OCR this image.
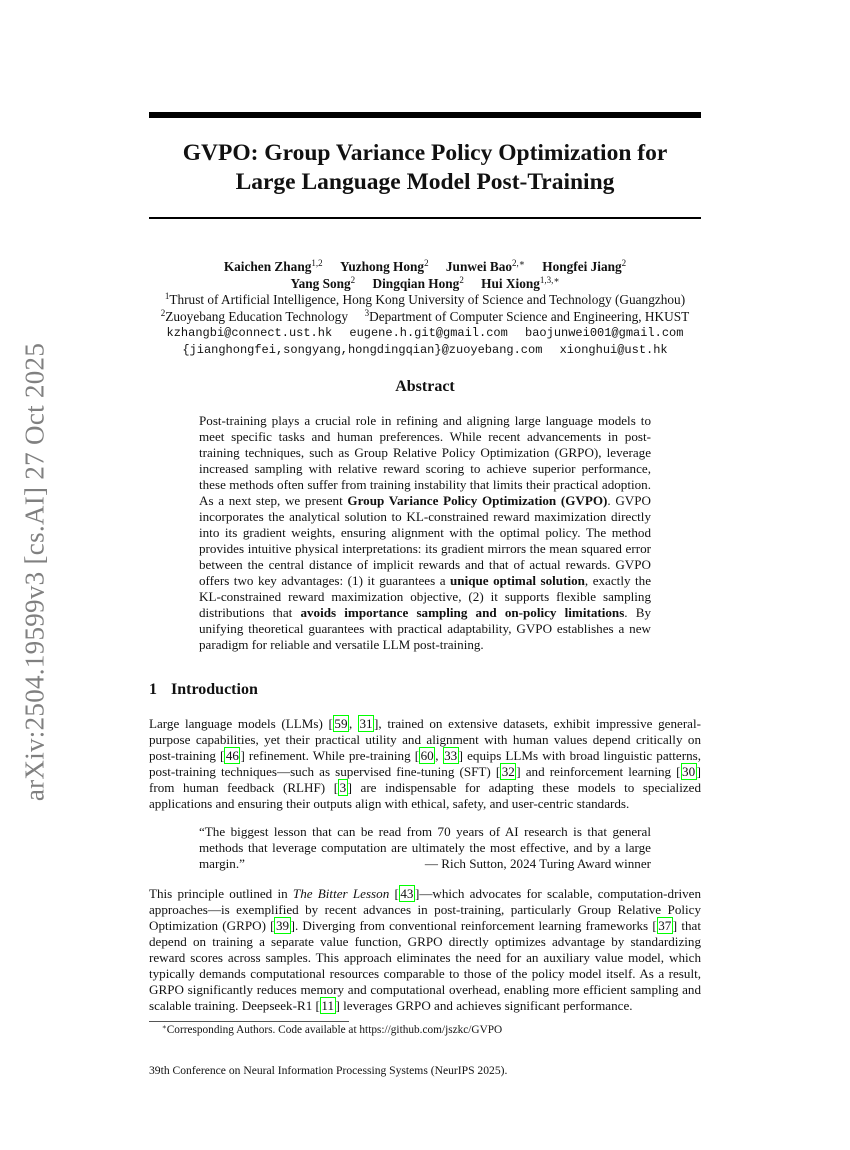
arXiv:2504.19599v3 [cs.AI] 27 Oct 2025
GVPO: Group Variance Policy Optimization for
Large Language Model Post-Training
Kaichen Zhang$^{1,2}$ Yuzhong Hong$^2$ Junwei Bao$^{2,∗}$ Hongfei Jiang$^2$
Yang Song$^2$ Dingqian Hong$^2$ Hui Xiong$^{1,3,∗}$
$^1$Thrust of Artificial Intelligence, Hong Kong University of Science and Technology (Guangzhou)
$^2$Zuoyebang Education Technology $^3$Department of Computer Science and Engineering, HKUST
kzhangbi@connect.ust.hk eugene.h.git@gmail.com baojunwei001@gmail.com
{jianghongfei,songyang,hongdingqian}@zuoyebang.com xionghui@ust.hk
Abstract
Post-training plays a crucial role in refining and aligning large language models to meet specific tasks and human preferences. While recent advancements in post-training techniques, such as Group Relative Policy Optimization (GRPO), leverage increased sampling with relative reward scoring to achieve superior performance, these methods often suffer from training instability that limits their practical adoption. As a next step, we present Group Variance Policy Optimization (GVPO). GVPO incorporates the analytical solution to KL-constrained reward maximization directly into its gradient weights, ensuring alignment with the optimal policy. The method provides intuitive physical interpretations: its gradient mirrors the mean squared error between the central distance of implicit rewards and that of actual rewards. GVPO offers two key advantages: (1) it guarantees a unique optimal solution, exactly the KL-constrained reward maximization objective, (2) it supports flexible sampling distributions that avoids importance sampling and on-policy limitations. By unifying theoretical guarantees with practical adaptability, GVPO establishes a new paradigm for reliable and versatile LLM post-training.
1 Introduction
Large language models (LLMs) [ 59 , 31 ], trained on extensive datasets, exhibit impressive general-purpose capabilities, yet their practical utility and alignment with human values depend critically on post-training [ 46 ] refinement. While pre-training [ 60 , 33 ] equips LLMs with broad linguistic patterns, post-training techniques—such as supervised fine-tuning (SFT) [ 32 ] and reinforcement learning [ 30 ] from human feedback (RLHF) [ 3 ] are indispensable for adapting these models to specialized applications and ensuring their outputs align with ethical, safety, and user-centric standards.
“The biggest lesson that can be read from 70 years of AI research is that general methods that leverage computation are ultimately the most effective, and by a large margin.”	— Rich Sutton, 2024 Turing Award winner
This principle outlined in The Bitter Lesson [ 43 ]—which advocates for scalable, computation-driven approaches—is exemplified by recent advances in post-training, particularly Group Relative Policy Optimization (GRPO) [ 39 ]. Diverging from conventional reinforcement learning frameworks [ 37 ] that depend on training a separate value function, GRPO directly optimizes advantage by standardizing reward scores across samples. This approach eliminates the need for an auxiliary value model, which typically demands computational resources comparable to those of the policy model itself. As a result, GRPO significantly reduces memory and computational overhead, enabling more efficient sampling and scalable training. Deepseek-R1 [ 11 ] leverages GRPO and achieves significant performance.
∗Corresponding Authors. Code available at https://github.com/jszkc/GVPO
39th Conference on Neural Information Processing Systems (NeurIPS 2025).
